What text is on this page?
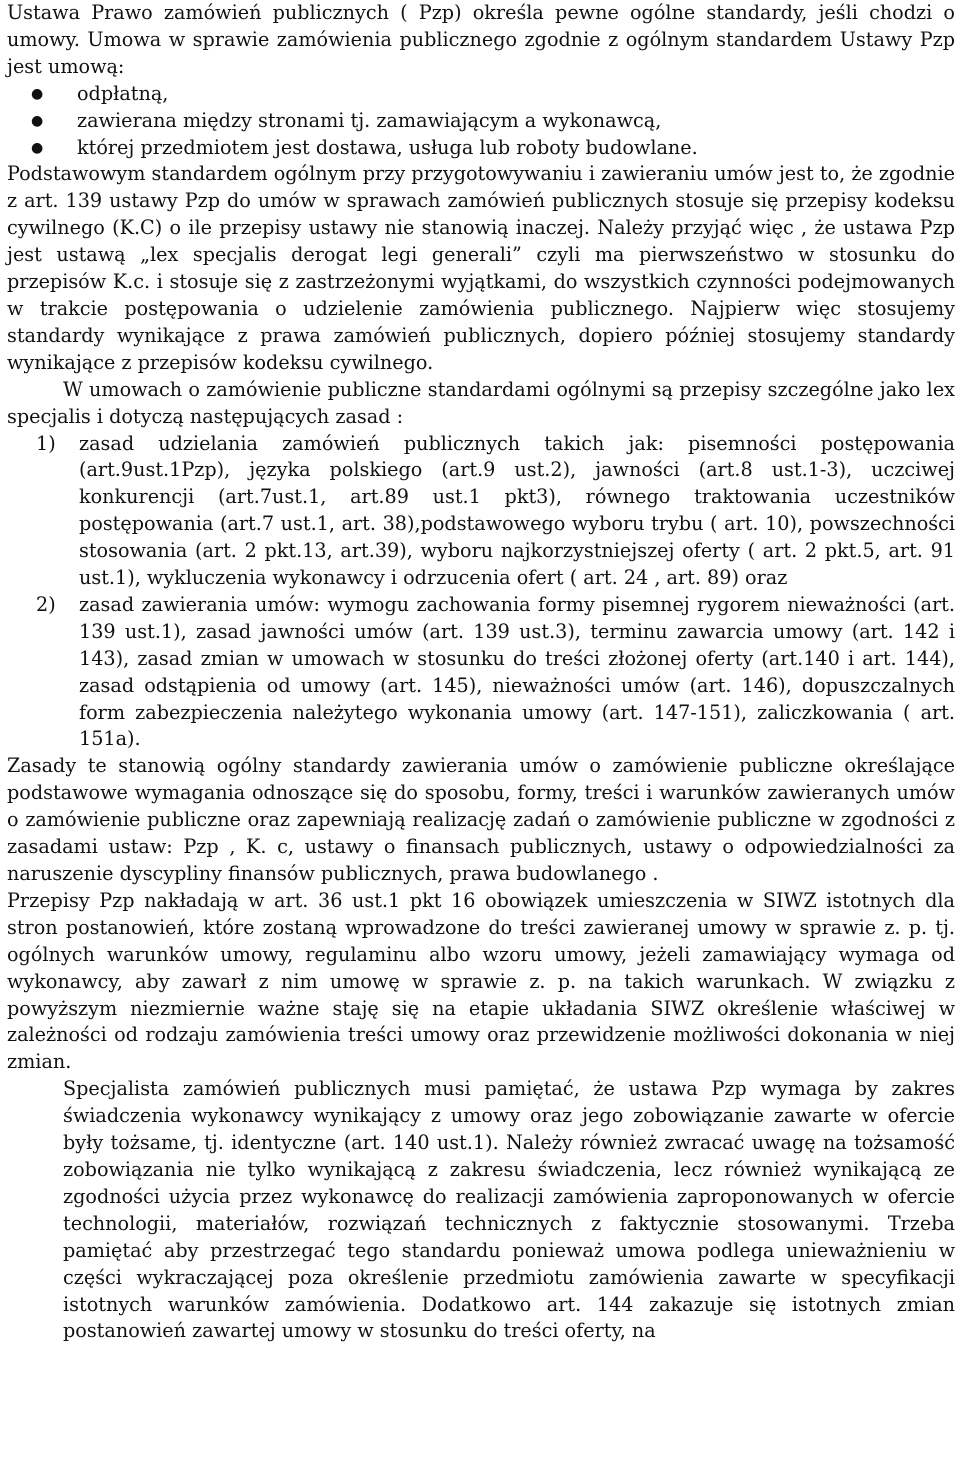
Ustawa Prawo zamówień publicznych ( Pzp) określa pewne ogólne standardy, jeśli chodzi o umowy. Umowa w sprawie zamówienia publicznego zgodnie z ogólnym standardem Ustawy Pzp jest umową:

● odpłatną,
● zawierana między stronami tj. zamawiającym a wykonawcą,
● której przedmiotem jest dostawa, usługa lub roboty budowlane.

Podstawowym standardem ogólnym przy przygotowywaniu i zawieraniu umów jest to, że zgodnie z art. 139 ustawy Pzp do umów w sprawach zamówień publicznych stosuje się przepisy kodeksu cywilnego (K.C) o ile przepisy ustawy nie stanowią inaczej. Należy przyjąć więc , że ustawa Pzp jest ustawą „lex specjalis derogat legi generali” czyli ma pierwszeństwo w stosunku do przepisów K.c. i stosuje się z zastrzeżonymi wyjątkami, do wszystkich czynności podejmowanych w trakcie postępowania o udzielenie zamówienia publicznego. Najpierw więc stosujemy standardy wynikające z prawa zamówień publicznych, dopiero później stosujemy standardy wynikające z przepisów kodeksu cywilnego.

W umowach o zamówienie publiczne standardami ogólnymi są przepisy szczególne jako lex specjalis i dotyczą następujących zasad :

1) zasad udzielania zamówień publicznych takich jak: pisemności postępowania (art.9ust.1Pzp), języka polskiego (art.9 ust.2), jawności (art.8 ust.1-3), uczciwej konkurencji (art.7ust.1, art.89 ust.1 pkt3), równego traktowania uczestników postępowania (art.7 ust.1, art. 38),podstawowego wyboru trybu ( art. 10), powszechności stosowania (art. 2 pkt.13, art.39), wyboru najkorzystniejszej oferty ( art. 2 pkt.5, art. 91 ust.1), wykluczenia wykonawcy i odrzucenia ofert ( art. 24 , art. 89) oraz
2) zasad zawierania umów: wymogu zachowania formy pisemnej rygorem nieważności (art. 139 ust.1), zasad jawności umów (art. 139 ust.3), terminu zawarcia umowy (art. 142 i 143), zasad zmian w umowach w stosunku do treści złożonej oferty (art.140 i art. 144), zasad odstąpienia od umowy (art. 145), nieważności umów (art. 146), dopuszczalnych form zabezpieczenia należytego wykonania umowy (art. 147-151), zaliczkowania ( art. 151a).

Zasady te stanowią ogólny standardy zawierania umów o zamówienie publiczne określające podstawowe wymagania odnoszące się do sposobu, formy, treści i warunków zawieranych umów o zamówienie publiczne oraz zapewniają realizację zadań o zamówienie publiczne w zgodności z zasadami ustaw: Pzp , K. c, ustawy o finansach publicznych, ustawy o odpowiedzialności za naruszenie dyscypliny finansów publicznych, prawa budowlanego .

Przepisy Pzp nakładają w art. 36 ust.1 pkt 16 obowiązek umieszczenia w SIWZ istotnych dla stron postanowień, które zostaną wprowadzone do treści zawieranej umowy w sprawie z. p. tj. ogólnych warunków umowy, regulaminu albo wzoru umowy, jeżeli zamawiający wymaga od wykonawcy, aby zawarł z nim umowę w sprawie z. p. na takich warunkach. W związku z powyższym niezmiernie ważne staję się na etapie układania SIWZ określenie właściwej w zależności od rodzaju zamówienia treści umowy oraz przewidzenie możliwości dokonania w niej zmian.

Specjalista zamówień publicznych musi pamiętać, że ustawa Pzp wymaga by zakres świadczenia wykonawcy wynikający z umowy oraz jego zobowiązanie zawarte w ofercie były tożsame, tj. identyczne (art. 140 ust.1). Należy również zwracać uwagę na tożsamość zobowiązania nie tylko wynikającą z zakresu świadczenia, lecz również wynikającą ze zgodności użycia przez wykonawcę do realizacji zamówienia zaproponowanych w ofercie technologii, materiałów, rozwiązań technicznych z faktycznie stosowanymi. Trzeba pamiętać aby przestrzegać tego standardu ponieważ umowa podlega unieważnieniu w części wykraczającej poza określenie przedmiotu zamówienia zawarte w specyfikacji istotnych warunków zamówienia. Dodatkowo art. 144 zakazuje się istotnych zmian postanowień zawartej umowy w stosunku do treści oferty, na
